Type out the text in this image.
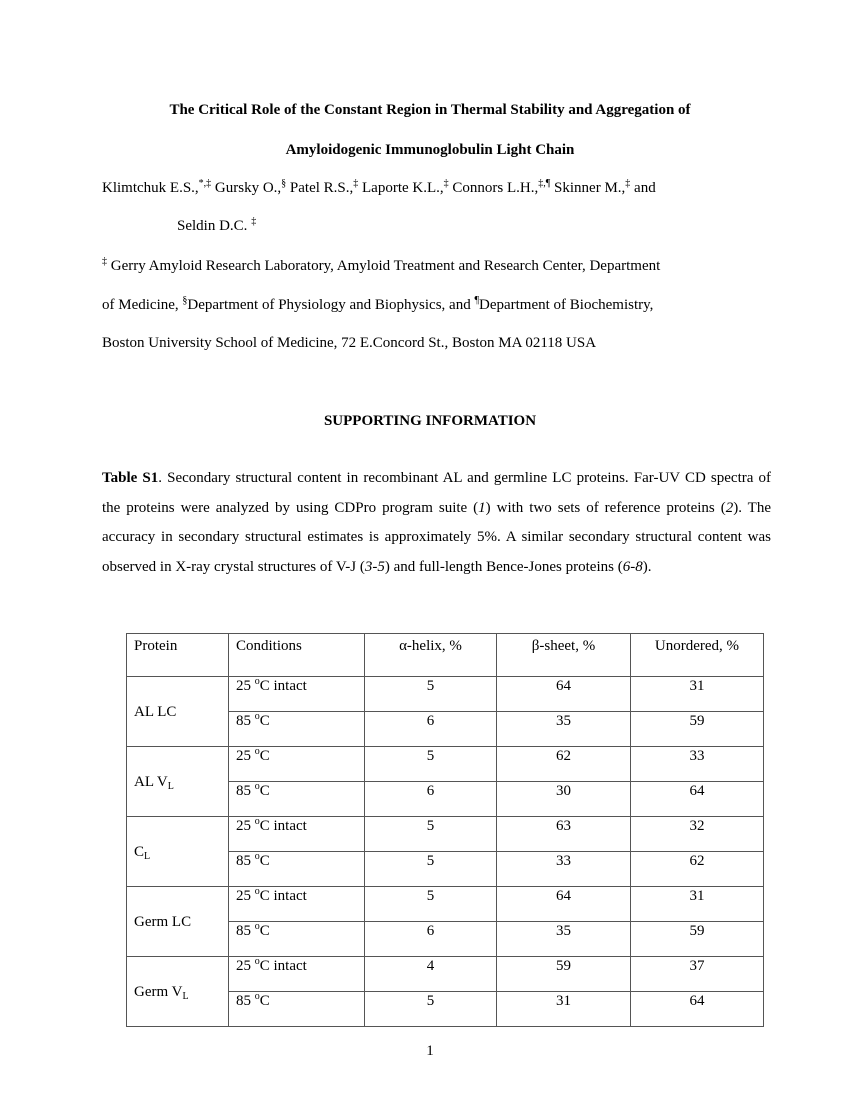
The Critical Role of the Constant Region in Thermal Stability and Aggregation of
Amyloidogenic Immunoglobulin Light Chain
Klimtchuk E.S.,*,‡ Gursky O.,§ Patel R.S.,‡ Laporte K.L.,‡ Connors L.H.,‡,¶ Skinner M.,‡ and
Seldin D.C. ‡
‡ Gerry Amyloid Research Laboratory, Amyloid Treatment and Research Center, Department
of Medicine, §Department of Physiology and Biophysics, and ¶Department of Biochemistry,
Boston University School of Medicine, 72 E.Concord St., Boston MA 02118 USA
SUPPORTING INFORMATION
Table S1. Secondary structural content in recombinant AL and germline LC proteins. Far-UV CD spectra of the proteins were analyzed by using CDPro program suite (1) with two sets of reference proteins (2). The accuracy in secondary structural estimates is approximately 5%. A similar secondary structural content was observed in X-ray crystal structures of V-J (3-5) and full-length Bence-Jones proteins (6-8).
Protein	Conditions	α-helix, %	β-sheet, %	Unordered, %
AL LC	25 $^o$C intact	5	64	31
	85 $^o$C	6	35	59
AL $V_L$	25 $^o$C	5	62	33
	85 $^o$C	6	30	64
$C_L$	25 $^o$C intact	5	63	32
	85 $^o$C	5	33	62
Germ LC	25 $^o$C intact	5	64	31
	85 $^o$C	6	35	59
Germ $V_L$	25 $^o$C intact	4	59	37
	85 $^o$C	5	31	64
1
